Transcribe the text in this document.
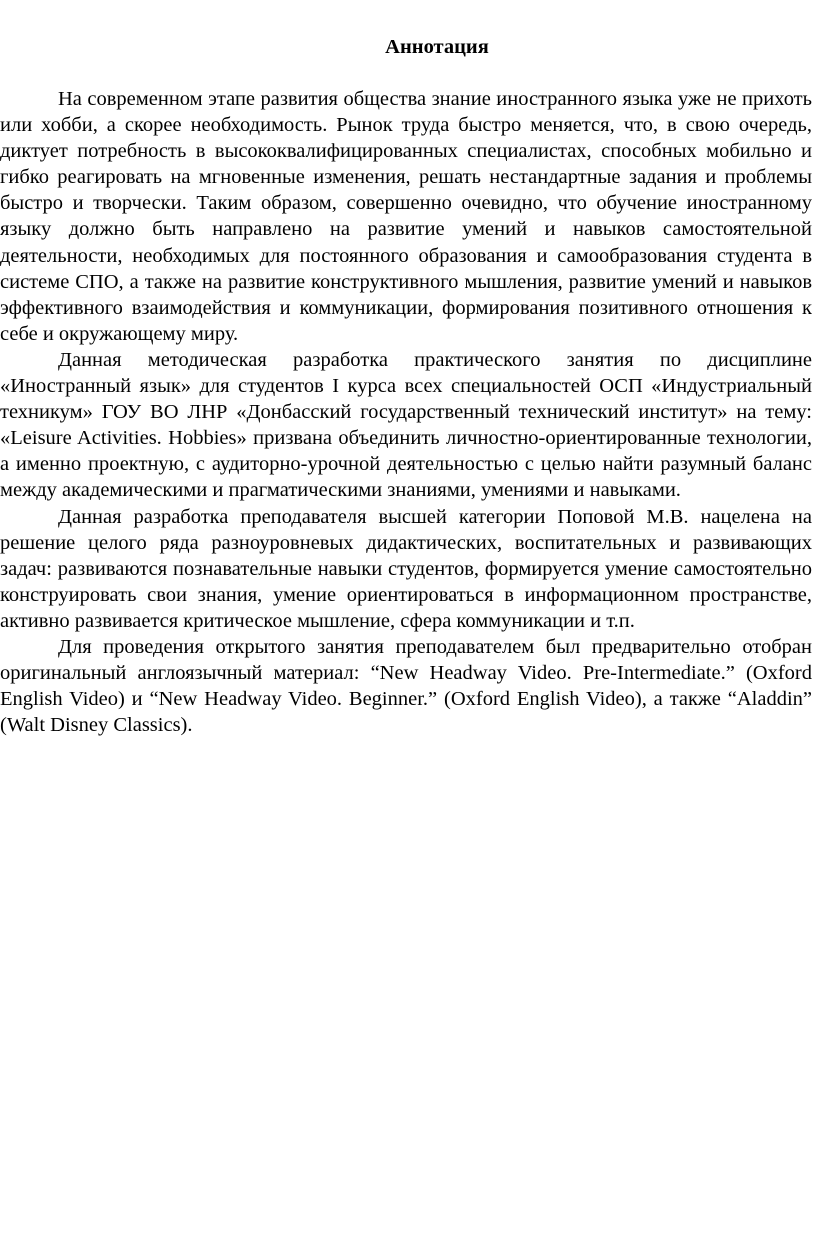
Аннотация

На современном этапе развития общества знание иностранного языка уже не прихоть или хобби, а скорее необходимость. Рынок труда быстро меняется, что, в свою очередь, диктует потребность в высококвалифицированных специалистах, способных мобильно и гибко реагировать на мгновенные изменения, решать нестандартные задания и проблемы быстро и творчески. Таким образом, совершенно очевидно, что обучение иностранному языку должно быть направлено на развитие умений и навыков самостоятельной деятельности, необходимых для постоянного образования и самообразования студента в системе СПО, а также на развитие конструктивного мышления, развитие умений и навыков эффективного взаимодействия и коммуникации, формирования позитивного отношения к себе и окружающему миру.

Данная методическая разработка практического занятия по дисциплине «Иностранный язык» для студентов I курса всех специальностей ОСП «Индустриальный техникум» ГОУ ВО ЛНР «Донбасский государственный технический институт» на тему: «Leisure Activities. Hobbies» призвана объединить личностно-ориентированные технологии, а именно проектную, с аудиторно-урочной деятельностью с целью найти разумный баланс между академическими и прагматическими знаниями, умениями и навыками.

Данная разработка преподавателя высшей категории Поповой М.В. нацелена на решение целого ряда разноуровневых дидактических, воспитательных и развивающих задач: развиваются познавательные навыки студентов, формируется умение самостоятельно конструировать свои знания, умение ориентироваться в информационном пространстве, активно развивается критическое мышление, сфера коммуникации и т.п.

Для проведения открытого занятия преподавателем был предварительно отобран оригинальный англоязычный материал: “New Headway Video. Pre-Intermediate.” (Oxford English Video) и “New Headway Video. Beginner.” (Oxford English Video), а также “Aladdin” (Walt Disney Classics).
